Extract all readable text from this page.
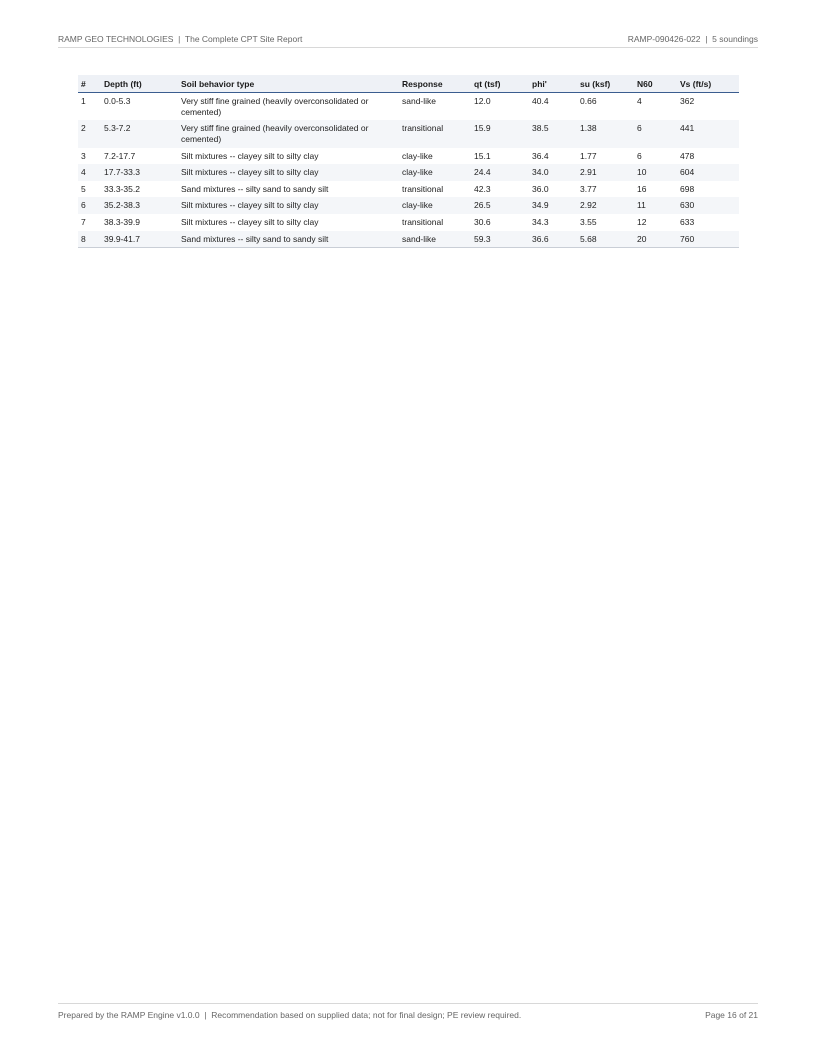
RAMP GEO TECHNOLOGIES  |  The Complete CPT Site Report	RAMP-090426-022  |  5 soundings
#	Depth (ft)	Soil behavior type	Response	qt (tsf)	phi'	su (ksf)	N60	Vs (ft/s)
1	0.0-5.3	Very stiff fine grained (heavily overconsolidated or cemented)	sand-like	12.0	40.4	0.66	4	362
2	5.3-7.2	Very stiff fine grained (heavily overconsolidated or cemented)	transitional	15.9	38.5	1.38	6	441
3	7.2-17.7	Silt mixtures -- clayey silt to silty clay	clay-like	15.1	36.4	1.77	6	478
4	17.7-33.3	Silt mixtures -- clayey silt to silty clay	clay-like	24.4	34.0	2.91	10	604
5	33.3-35.2	Sand mixtures -- silty sand to sandy silt	transitional	42.3	36.0	3.77	16	698
6	35.2-38.3	Silt mixtures -- clayey silt to silty clay	clay-like	26.5	34.9	2.92	11	630
7	38.3-39.9	Silt mixtures -- clayey silt to silty clay	transitional	30.6	34.3	3.55	12	633
8	39.9-41.7	Sand mixtures -- silty sand to sandy silt	sand-like	59.3	36.6	5.68	20	760
Prepared by the RAMP Engine v1.0.0  |  Recommendation based on supplied data; not for final design; PE review required.	Page 16 of 21
